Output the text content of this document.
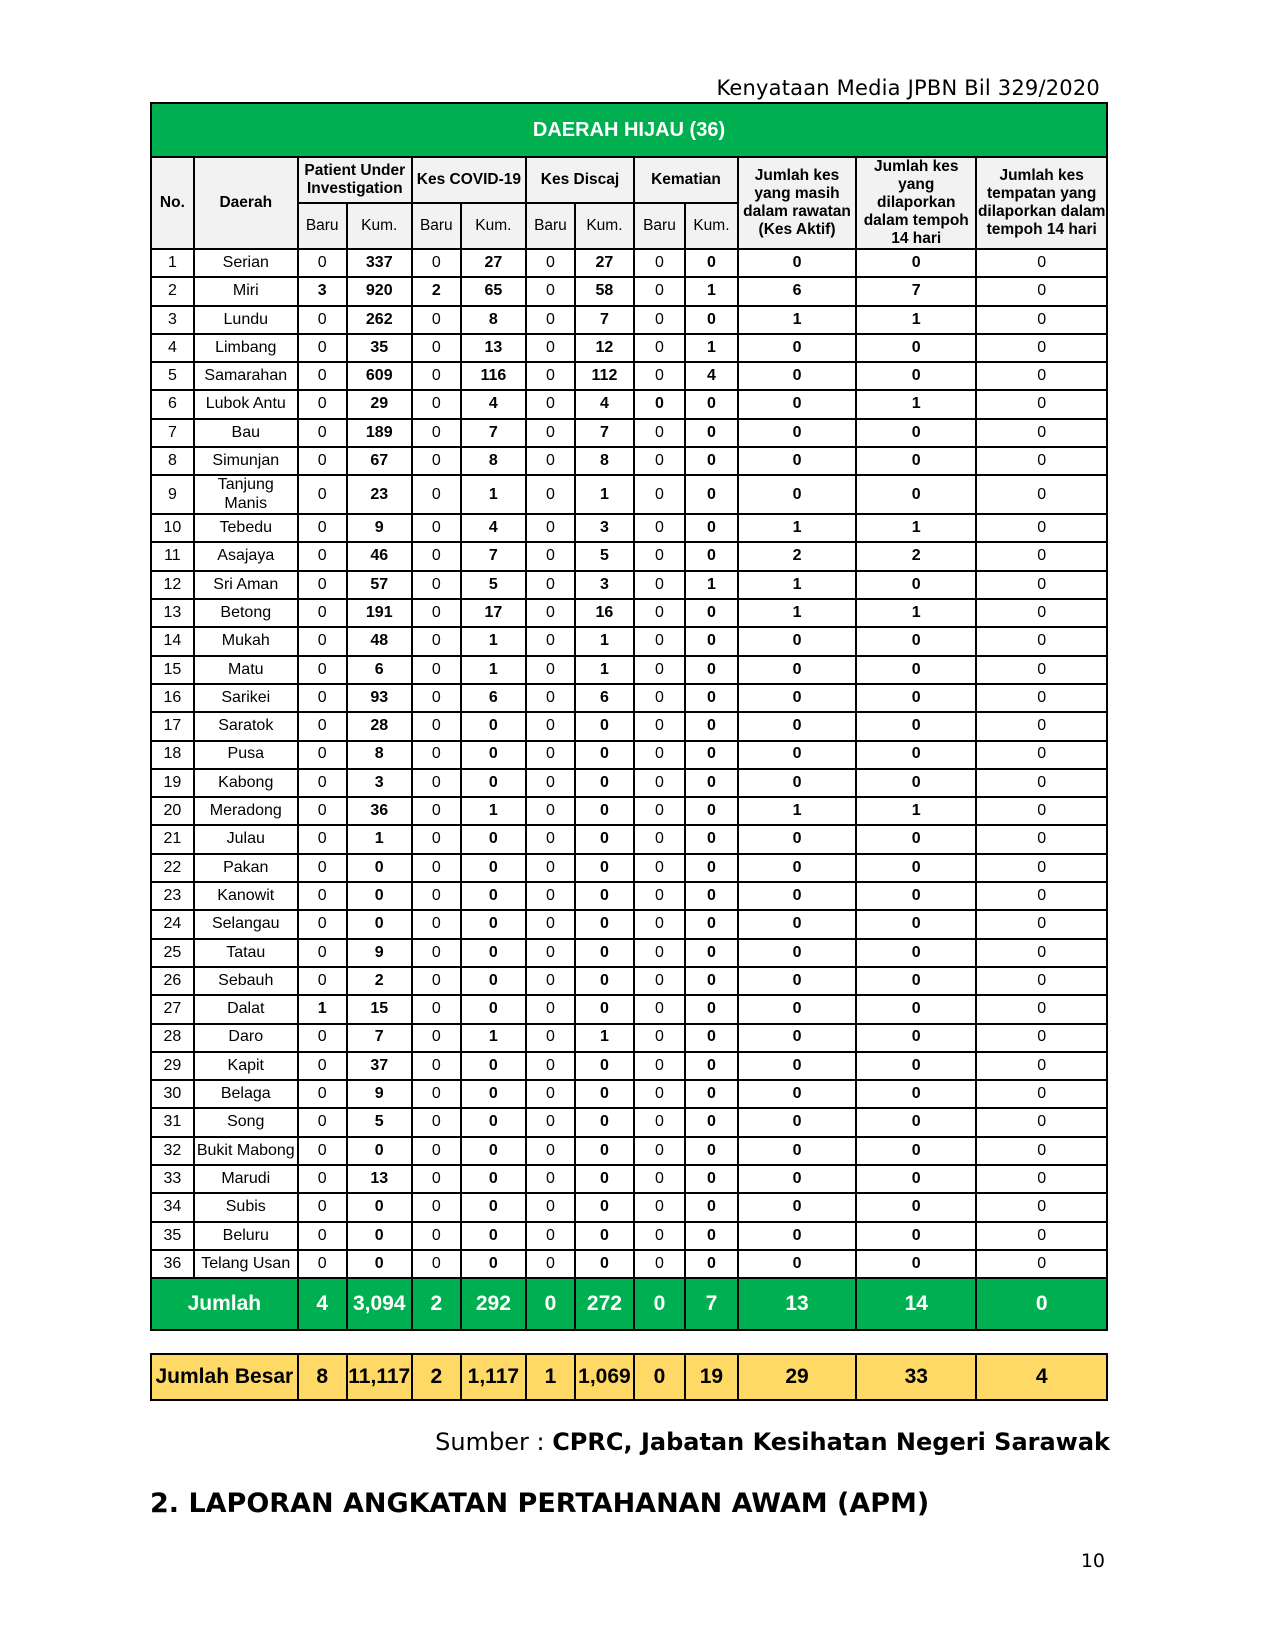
Kenyataan Media JPBN Bil 329/2020
DAERAH HIJAU (36)												
No.	Daerah	Patient Under Investigation		Kes COVID-19		Kes Discaj		Kematian		Jumlah kes yang masih dalam rawatan (Kes Aktif)	Jumlah kes yang dilaporkan dalam tempoh 14 hari	Jumlah kes tempatan yang dilaporkan dalam tempoh 14 hari
		Baru	Kum.	Baru	Kum.	Baru	Kum.	Baru	Kum.			
1	Serian	0	337	0	27	0	27	0	0	0	0	0
2	Miri	3	920	2	65	0	58	0	1	6	7	0
3	Lundu	0	262	0	8	0	7	0	0	1	1	0
4	Limbang	0	35	0	13	0	12	0	1	0	0	0
5	Samarahan	0	609	0	116	0	112	0	4	0	0	0
6	Lubok Antu	0	29	0	4	0	4	0	0	0	1	0
7	Bau	0	189	0	7	0	7	0	0	0	0	0
8	Simunjan	0	67	0	8	0	8	0	0	0	0	0
9	Tanjung Manis	0	23	0	1	0	1	0	0	0	0	0
10	Tebedu	0	9	0	4	0	3	0	0	1	1	0
11	Asajaya	0	46	0	7	0	5	0	0	2	2	0
12	Sri Aman	0	57	0	5	0	3	0	1	1	0	0
13	Betong	0	191	0	17	0	16	0	0	1	1	0
14	Mukah	0	48	0	1	0	1	0	0	0	0	0
15	Matu	0	6	0	1	0	1	0	0	0	0	0
16	Sarikei	0	93	0	6	0	6	0	0	0	0	0
17	Saratok	0	28	0	0	0	0	0	0	0	0	0
18	Pusa	0	8	0	0	0	0	0	0	0	0	0
19	Kabong	0	3	0	0	0	0	0	0	0	0	0
20	Meradong	0	36	0	1	0	0	0	0	1	1	0
21	Julau	0	1	0	0	0	0	0	0	0	0	0
22	Pakan	0	0	0	0	0	0	0	0	0	0	0
23	Kanowit	0	0	0	0	0	0	0	0	0	0	0
24	Selangau	0	0	0	0	0	0	0	0	0	0	0
25	Tatau	0	9	0	0	0	0	0	0	0	0	0
26	Sebauh	0	2	0	0	0	0	0	0	0	0	0
27	Dalat	1	15	0	0	0	0	0	0	0	0	0
28	Daro	0	7	0	1	0	1	0	0	0	0	0
29	Kapit	0	37	0	0	0	0	0	0	0	0	0
30	Belaga	0	9	0	0	0	0	0	0	0	0	0
31	Song	0	5	0	0	0	0	0	0	0	0	0
32	Bukit Mabong	0	0	0	0	0	0	0	0	0	0	0
33	Marudi	0	13	0	0	0	0	0	0	0	0	0
34	Subis	0	0	0	0	0	0	0	0	0	0	0
35	Beluru	0	0	0	0	0	0	0	0	0	0	0
36	Telang Usan	0	0	0	0	0	0	0	0	0	0	0
Jumlah		4	3,094	2	292	0	272	0	7	13	14	0

Jumlah Besar		8	11,117	2	1,117	1	1,069	0	19	29	33	4
Sumber : CPRC, Jabatan Kesihatan Negeri Sarawak
2. LAPORAN ANGKATAN PERTAHANAN AWAM (APM)
10
